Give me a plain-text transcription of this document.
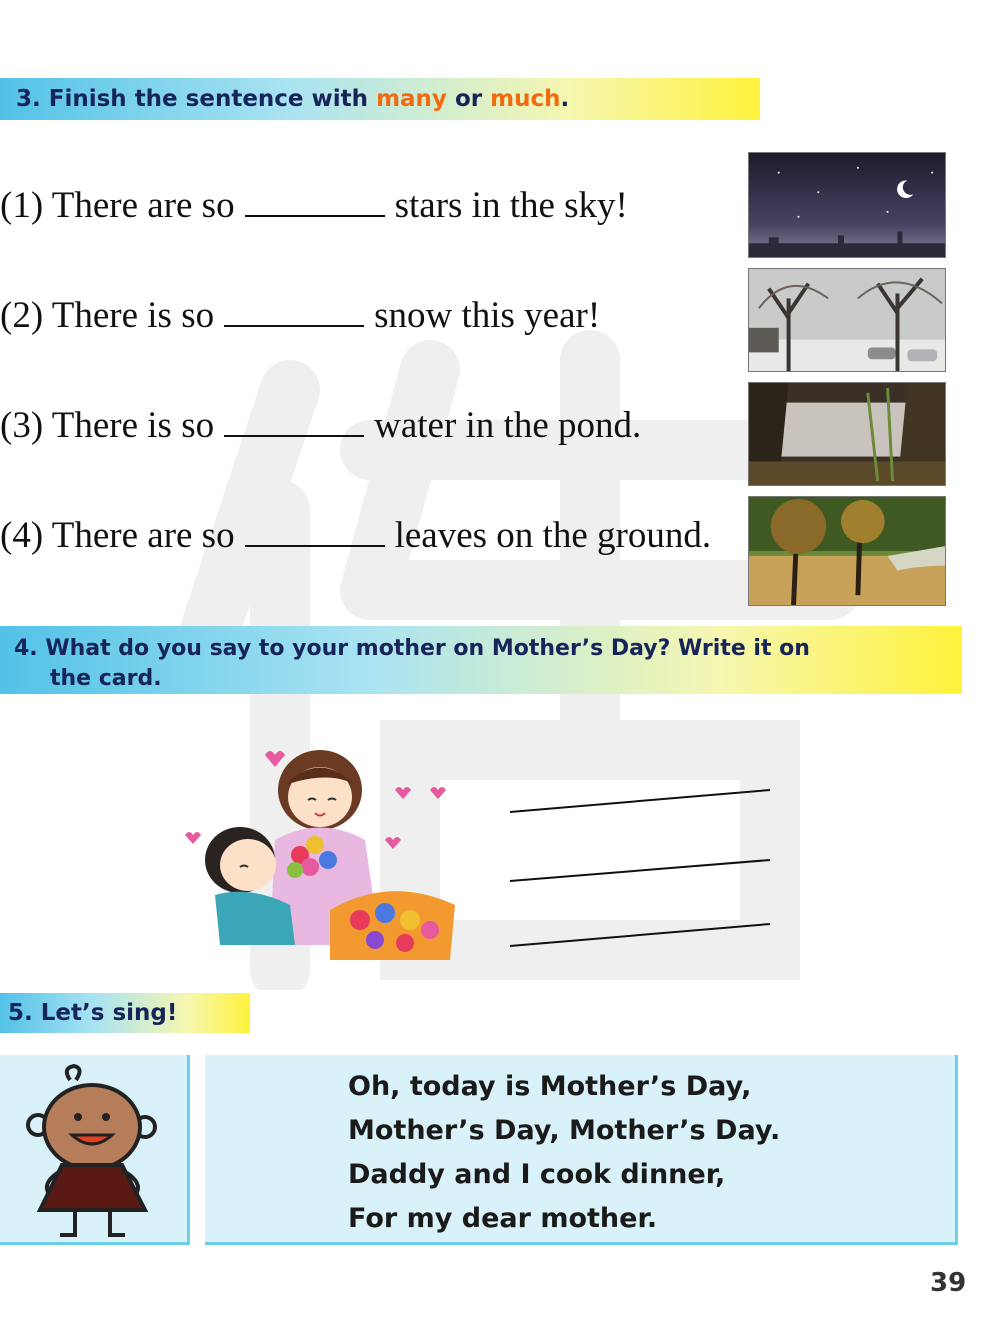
3.
Finish the sentence with
many
or
much .
(1) There are so	stars in the sky!
(2) There is so	snow this year!
(3) There is so	water in the pond.
(4) There are so	leaves on the ground.
4. What do you say to your mother on Mother’s Day? Write it on
the card.
5.
Let’s sing!
Oh, today is Mother’s Day,
Mother’s Day, Mother’s Day.
Daddy and I cook dinner,
For my dear mother.
39
